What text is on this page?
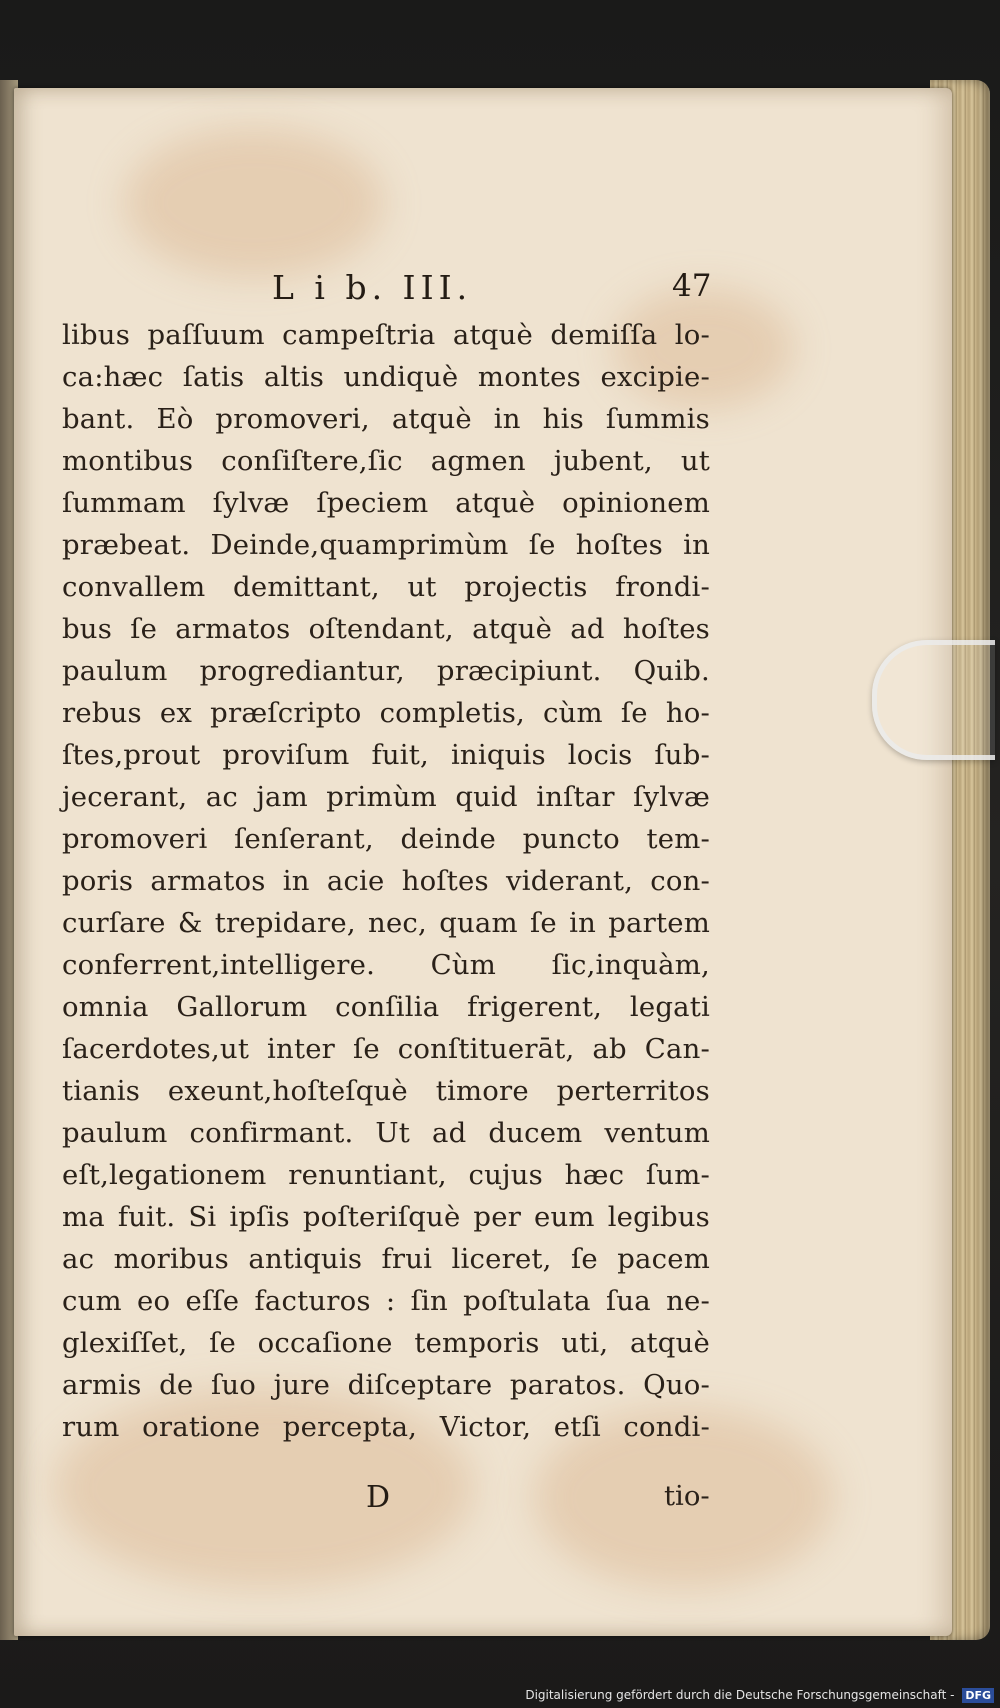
L i b. III.	47
libus paſſuum campeſtria atquè demiſſa lo-
ca:hæc ſatis altis undiquè montes excipie-
bant. Eò promoveri, atquè in his ſummis
montibus conſiſtere,ſic agmen jubent, ut
ſummam ſylvæ ſpeciem atquè opinionem
præbeat. Deinde,quamprimùm ſe hoſtes in
convallem demittant, ut projectis frondi-
bus ſe armatos oſtendant, atquè ad hoſtes
paulum progrediantur, præcipiunt. Quib.
rebus ex præſcripto completis, cùm ſe ho-
ſtes,prout proviſum fuit, iniquis locis ſub-
jecerant, ac jam primùm quid inſtar ſylvæ
promoveri ſenſerant, deinde puncto tem-
poris armatos in acie hoſtes viderant, con-
curſare & trepidare, nec, quam ſe in partem
conferrent,intelligere. Cùm ſic,inquàm,
omnia Gallorum conſilia frigerent, legati
ſacerdotes,ut inter ſe conſtituerāt, ab Can-
tianis exeunt,hoſteſquè timore perterritos
paulum confirmant. Ut ad ducem ventum
eſt,legationem renuntiant, cujus hæc ſum-
ma fuit. Si ipſis poſteriſquè per eum legibus
ac moribus antiquis frui liceret, ſe pacem
cum eo eſſe facturos : ſin poſtulata ſua ne-
glexiſſet, ſe occaſione temporis uti, atquè
armis de ſuo jure diſceptare paratos. Quo-
rum oratione percepta, Victor, etſi condi-
D	tio-
Digitalisierung gefördert durch die Deutsche Forschungsgemeinschaft - DFG
